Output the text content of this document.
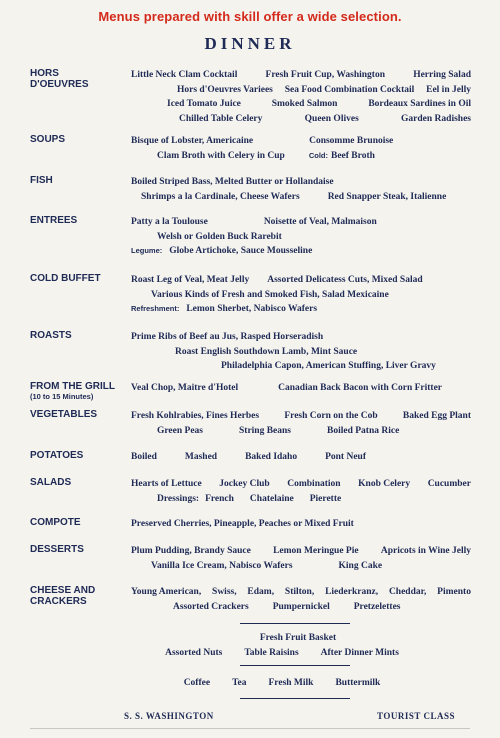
Menus prepared with skill offer a wide selection.
DINNER
HORS
D'OEUVRES
Little Neck Clam Cocktail	Fresh Fruit Cup, Washington	Herring Salad
Hors d'Oeuvres Variees Sea Food Combination Cocktail Eel in Jelly
Iced Tomato Juice	Smoked Salmon	Bordeaux Sardines in Oil
Chilled Table Celery	Queen Olives	Garden Radishes
SOUPS	Bisque of Lobster, Americaine	Consomme Brunoise
Clam Broth with Celery in Cup	Cold: Beef Broth
FISH	Boiled Striped Bass, Melted Butter or Hollandaise
Shrimps a la Cardinale, Cheese Wafers	Red Snapper Steak, Italienne
ENTREES	Patty a la Toulouse	Noisette of Veal, Malmaison
Welsh or Golden Buck Rarebit
Legume: Globe Artichoke, Sauce Mousseline
COLD BUFFET	Roast Leg of Veal, Meat Jelly Assorted Delicatess Cuts, Mixed Salad
Various Kinds of Fresh and Smoked Fish, Salad Mexicaine
Refreshment: Lemon Sherbet, Nabisco Wafers
ROASTS	Prime Ribs of Beef au Jus, Rasped Horseradish
Roast English Southdown Lamb, Mint Sauce
Philadelphia Capon, American Stuffing, Liver Gravy
FROM THE GRILL
(10 to 15 Minutes)
Veal Chop, Maitre d'Hotel	Canadian Back Bacon with Corn Fritter
VEGETABLES	Fresh Kohlrabies, Fines Herbes	Fresh Corn on the Cob	Baked Egg Plant
Green Peas	String Beans	Boiled Patna Rice
POTATOES	Boiled	Mashed	Baked Idaho	Pont Neuf
SALADS	Hearts of Lettuce Jockey Club Combination Knob Celery Cucumber
Dressings: French Chatelaine Pierette
COMPOTE	Preserved Cherries, Pineapple, Peaches or Mixed Fruit
DESSERTS	Plum Pudding, Brandy Sauce Lemon Meringue Pie Apricots in Wine Jelly
Vanilla Ice Cream, Nabisco Wafers	King Cake
CHEESE AND
CRACKERS
Young American, Swiss, Edam, Stilton, Liederkranz, Cheddar, Pimento
Assorted Crackers	Pumpernickel	Pretzelettes
Fresh Fruit Basket
Assorted Nuts Table Raisins After Dinner Mints
Coffee Tea Fresh Milk Buttermilk
S. S. WASHINGTON	TOURIST CLASS
